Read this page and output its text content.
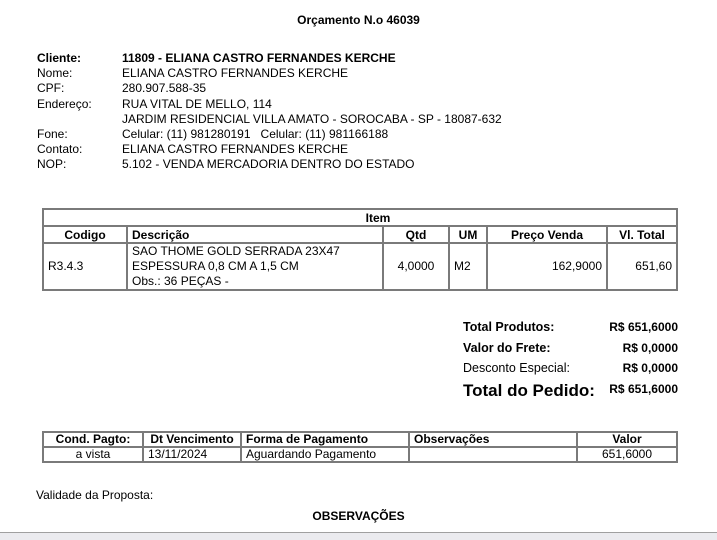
Orçamento N.o 46039
Cliente:	11809 - ELIANA CASTRO FERNANDES KERCHE
Nome:	ELIANA CASTRO FERNANDES KERCHE
CPF:	280.907.588-35
Endereço:	RUA VITAL DE MELLO, 114
JARDIM RESIDENCIAL VILLA AMATO - SOROCABA - SP - 18087-632
Fone:	Celular: (11) 981280191   Celular: (11) 981166188
Contato:	ELIANA CASTRO FERNANDES KERCHE
NOP:	5.102 - VENDA MERCADORIA DENTRO DO ESTADO
Item					
Codigo	Descrição	Qtd	UM	Preço Venda	Vl. Total
R3.4.3	SAO THOME GOLD SERRADA 23X47
ESPESSURA 0,8 CM A 1,5 CM
Obs.: 36 PEÇAS -	4,0000	M2	162,9000	651,60
Total Produtos:	R$ 651,6000
Valor do Frete:	R$ 0,0000
Desconto Especial:	R$ 0,0000
Total do Pedido: R$ 651,6000
Cond. Pagto:	Dt Vencimento	Forma de Pagamento	Observações	Valor
a vista	13/11/2024	Aguardando Pagamento		651,6000
Validade da Proposta:
OBSERVAÇÕES
